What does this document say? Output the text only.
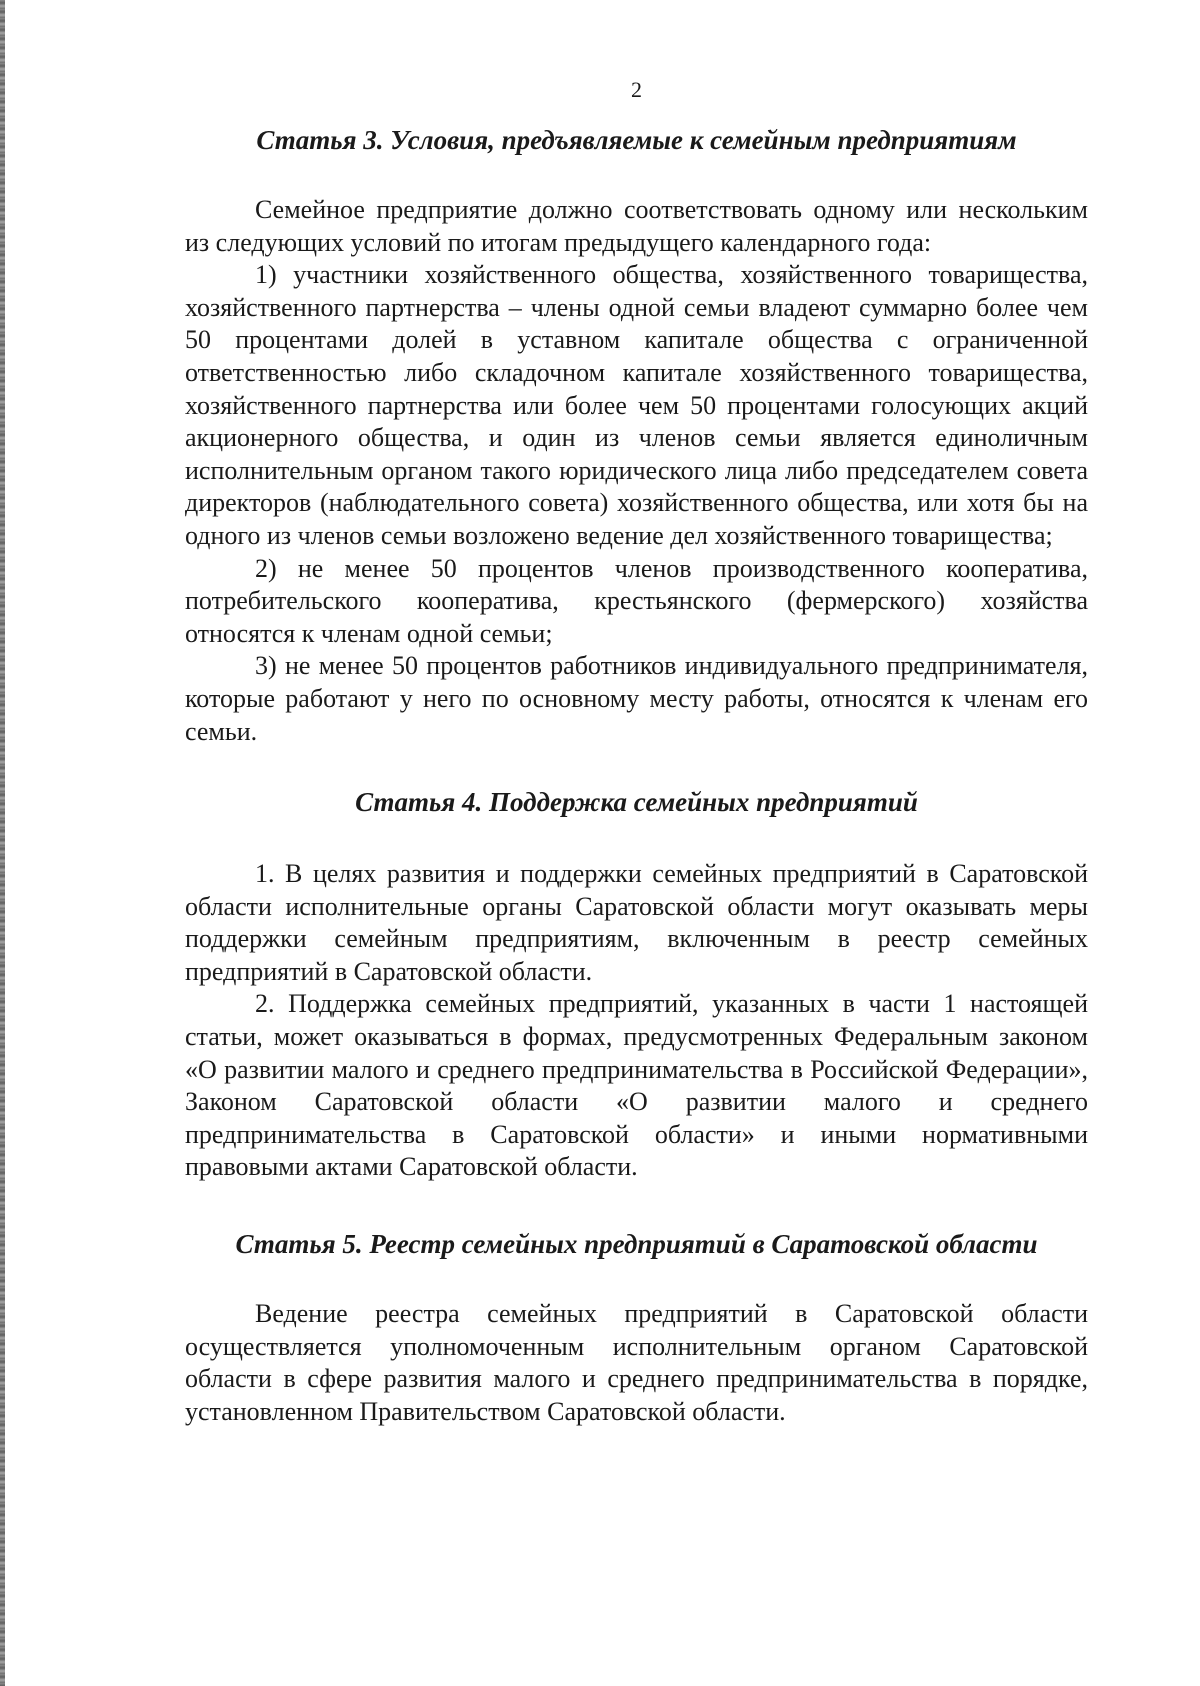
2
Статья 3. Условия, предъявляемые к семейным предприятиям

Семейное предприятие должно соответствовать одному или нескольким из следующих условий по итогам предыдущего календарного года:

1) участники хозяйственного общества, хозяйственного товарищества, хозяйственного партнерства – члены одной семьи владеют суммарно более чем 50 процентами долей в уставном капитале общества с ограниченной ответственностью либо складочном капитале хозяйственного товарищества, хозяйственного партнерства или более чем 50 процентами голосующих акций акционерного общества, и один из членов семьи является единоличным исполнительным органом такого юридического лица либо председателем совета директоров (наблюдательного совета) хозяйственного общества, или хотя бы на одного из членов семьи возложено ведение дел хозяйственного товарищества;

2) не менее 50 процентов членов производственного кооператива, потребительского кооператива, крестьянского (фермерского) хозяйства относятся к членам одной семьи;

3) не менее 50 процентов работников индивидуального предпринимателя, которые работают у него по основному месту работы, относятся к членам его семьи.

Статья 4. Поддержка семейных предприятий

1. В целях развития и поддержки семейных предприятий в Саратовской области исполнительные органы Саратовской области могут оказывать меры поддержки семейным предприятиям, включенным в реестр семейных предприятий в Саратовской области.

2. Поддержка семейных предприятий, указанных в части 1 настоящей статьи, может оказываться в формах, предусмотренных Федеральным законом «О развитии малого и среднего предпринимательства в Российской Федерации», Законом Саратовской области «О развитии малого и среднего предпринимательства в Саратовской области» и иными нормативными правовыми актами Саратовской области.

Статья 5. Реестр семейных предприятий в Саратовской области

Ведение реестра семейных предприятий в Саратовской области осуществляется уполномоченным исполнительным органом Саратовской области в сфере развития малого и среднего предпринимательства в порядке, установленном Правительством Саратовской области.
